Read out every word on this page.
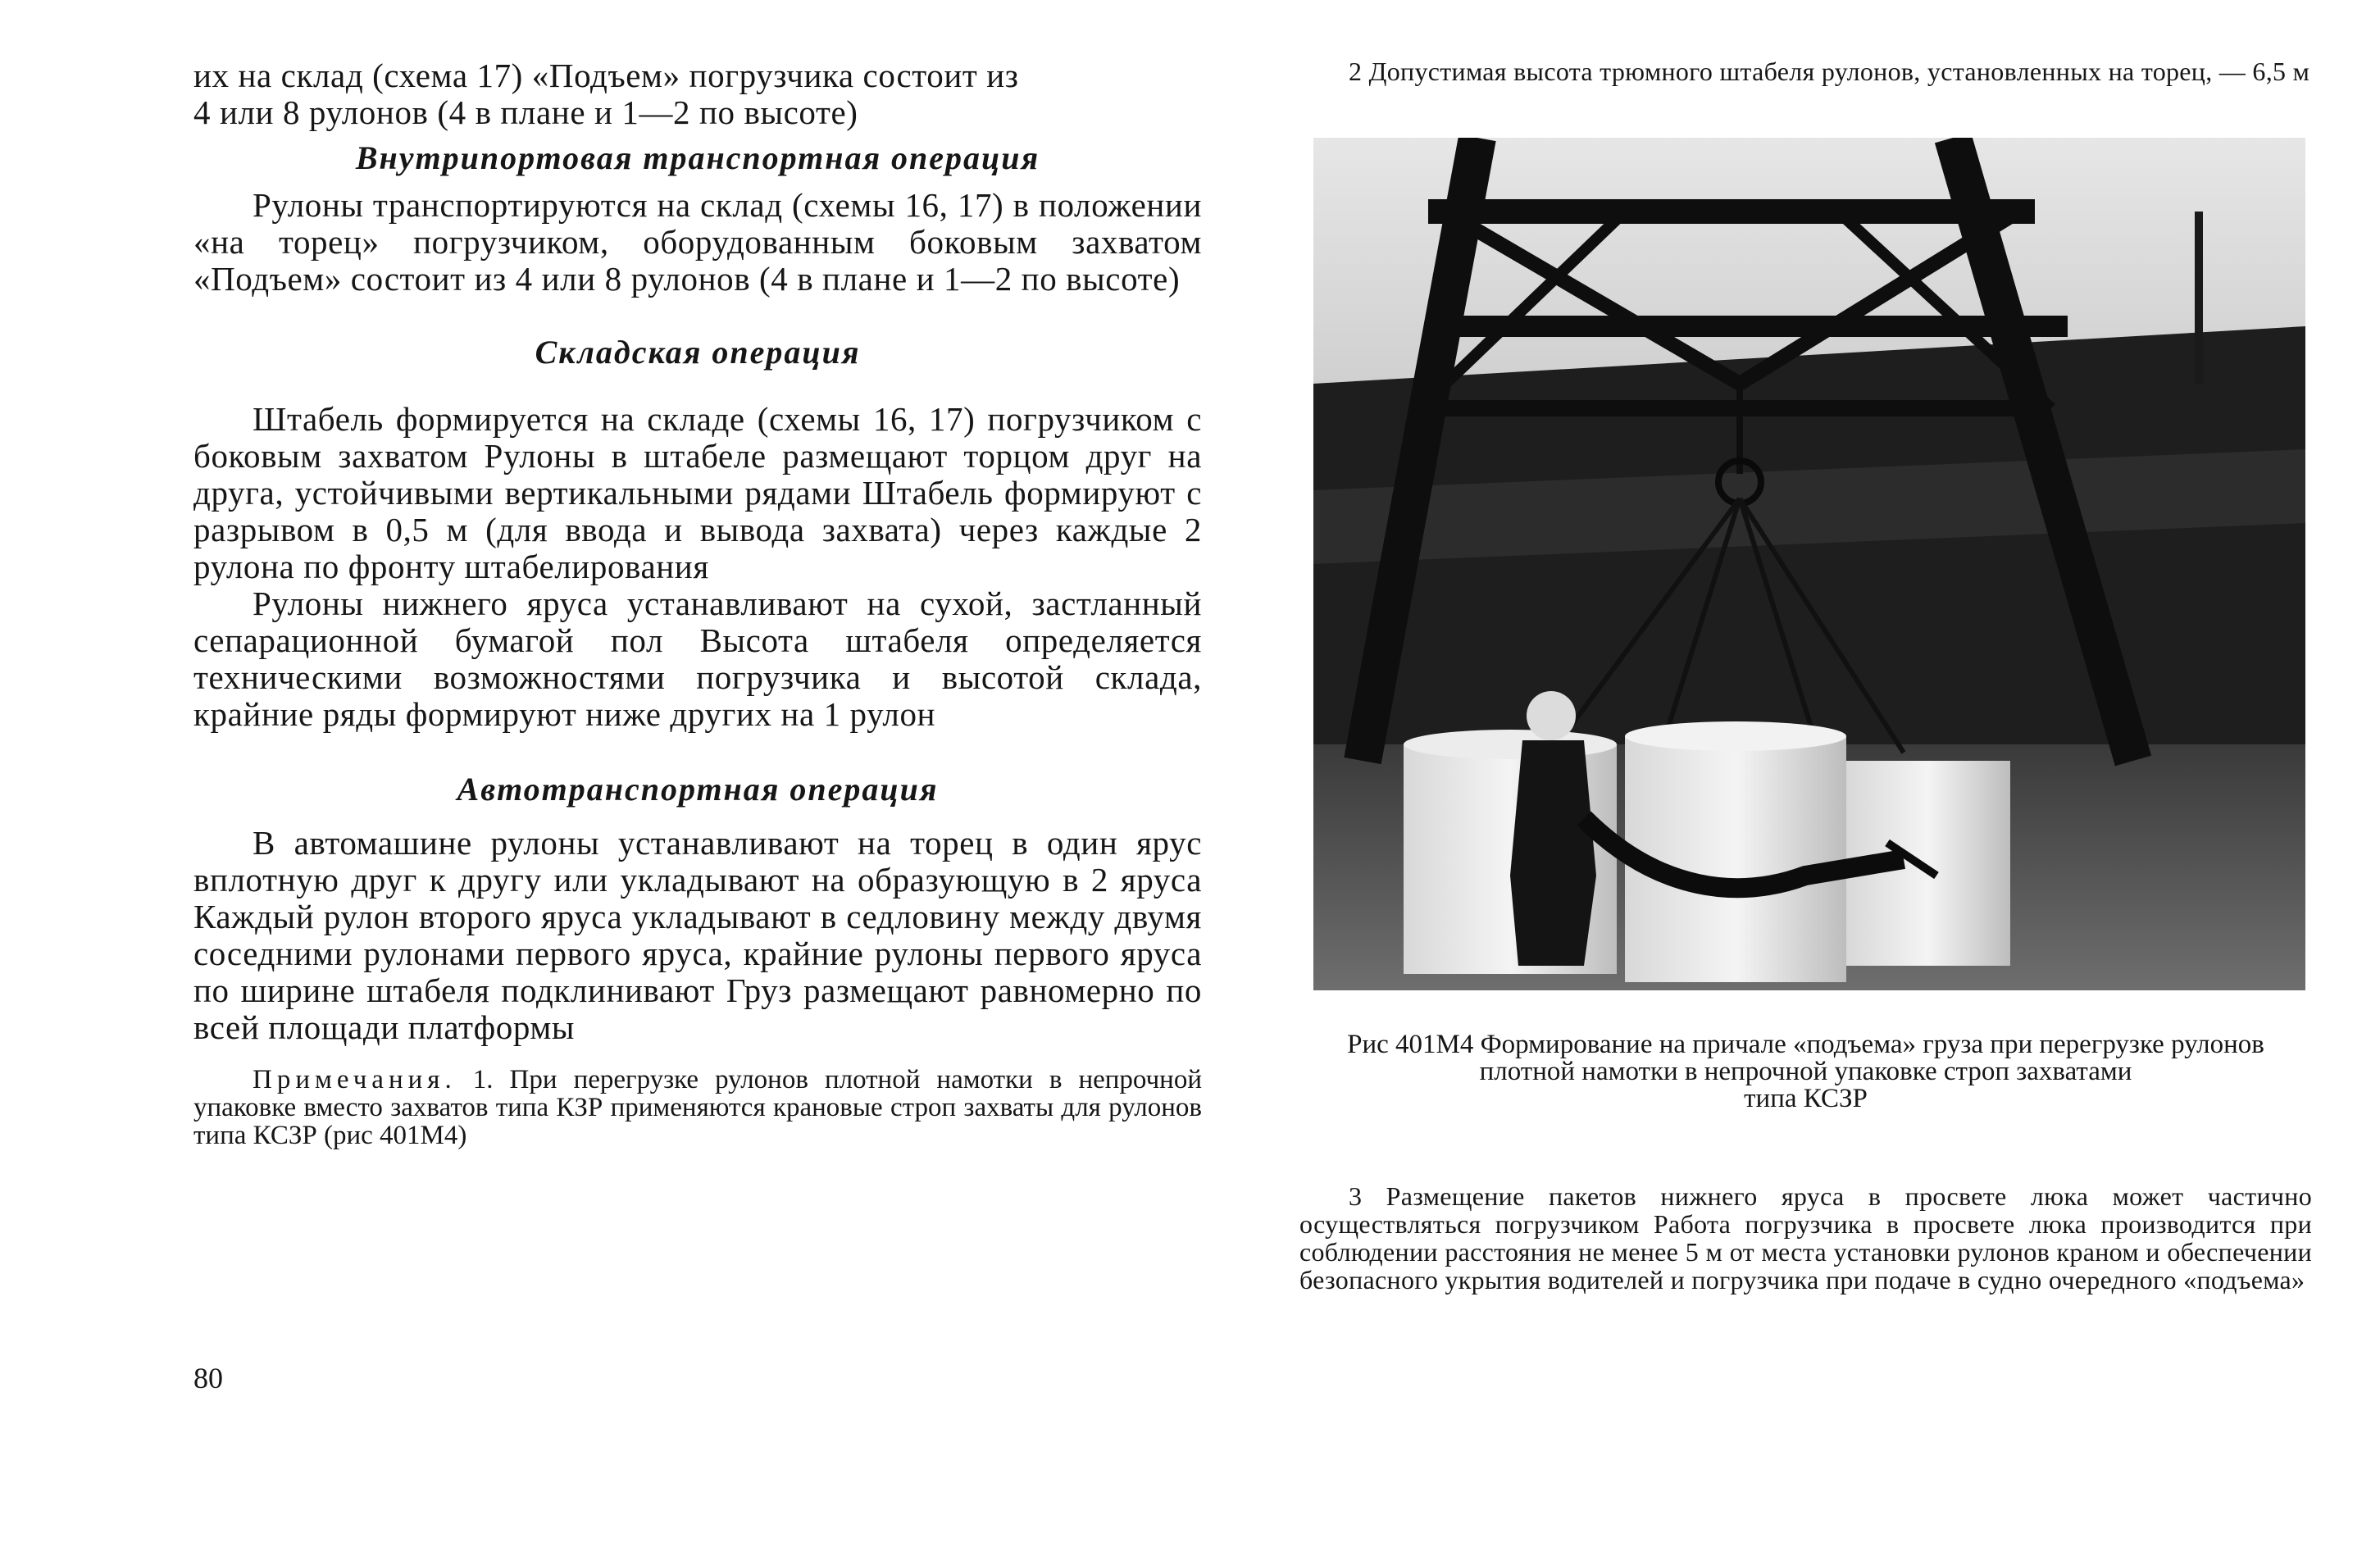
их на склад (схема 17) «Подъем» погрузчика состоит из
4 или 8 рулонов (4 в плане и 1—2 по высоте)

Внутрипортовая транспортная операция

Рулоны транспортируются на склад (схемы 16, 17) в положении «на торец» погрузчиком, оборудованным боковым захватом «Подъем» состоит из 4 или 8 рулонов (4 в плане и 1—2 по высоте)

Складская операция

Штабель формируется на складе (схемы 16, 17) погрузчиком с боковым захватом Рулоны в штабеле размещают торцом друг на друга, устойчивыми вертикальными рядами Штабель формируют с разрывом в 0,5 м (для ввода и вывода захвата) через каждые 2 рулона по фронту штабелирования

Рулоны нижнего яруса устанавливают на сухой, застланный сепарационной бумагой пол Высота штабеля определяется техническими возможностями погрузчика и высотой склада, крайние ряды формируют ниже других на 1 рулон

Автотранспортная операция

В автомашине рулоны устанавливают на торец в один ярус вплотную друг к другу или укладывают на образующую в 2 яруса Каждый рулон второго яруса укладывают в седловину между двумя соседними рулонами первого яруса, крайние рулоны первого яруса по ширине штабеля подклинивают Груз размещают равномерно по всей площади платформы

Примечания. 1. При перегрузке рулонов плотной намотки в непрочной упаковке вместо захватов типа КЗР применяются крановые строп захваты для рулонов типа КСЗР (рис 401М4)

80

2 Допустимая высота трюмного штабеля рулонов, установленных на торец, — 6,5 м

Рис 401М4 Формирование на причале «подъема» груза при перегрузке рулонов плотной намотки в непрочной упаковке строп захватами
типа КСЗР

3 Размещение пакетов нижнего яруса в просвете люка может частично осуществляться погрузчиком Работа погрузчика в просвете люка производится при соблюдении расстояния не менее 5 м от места установки рулонов краном и обеспечении безопасного укрытия водителей и погрузчика при подаче в судно очередного «подъема»
